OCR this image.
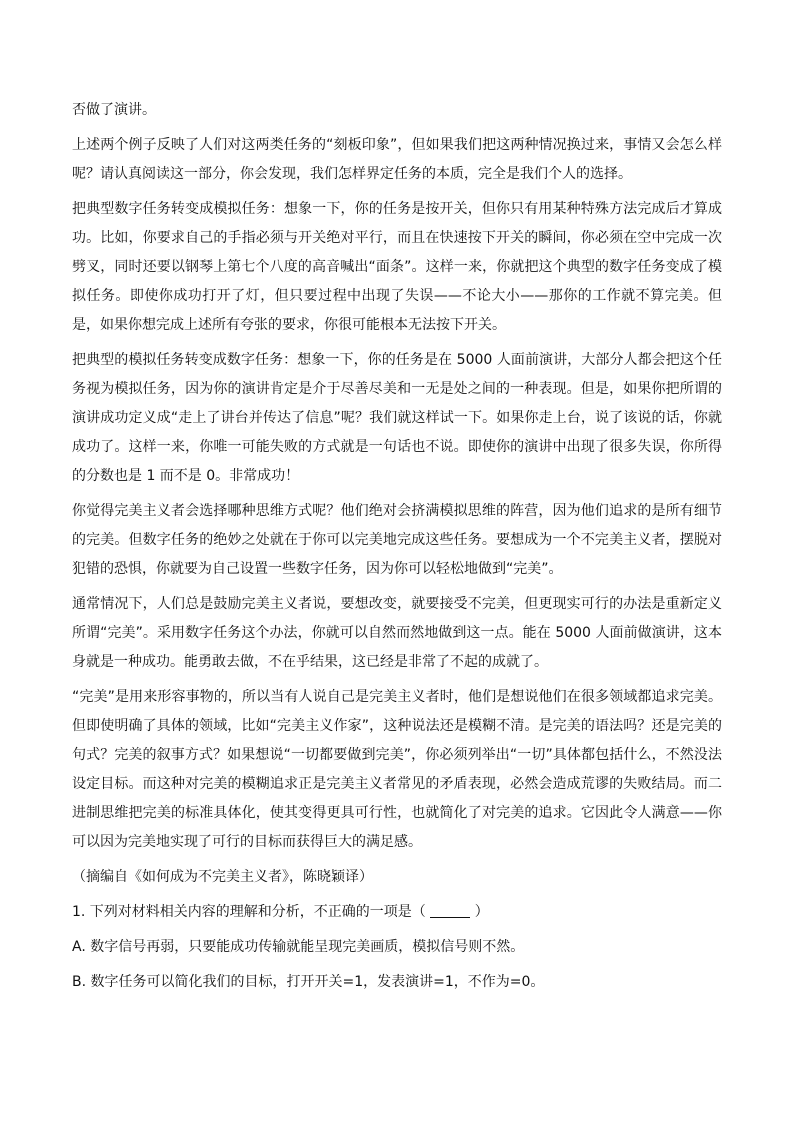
否做了演讲。

上述两个例子反映了人们对这两类任务的“刻板印象”，但如果我们把这两种情况换过来，事情又会怎么样呢？请认真阅读这一部分，你会发现，我们怎样界定任务的本质，完全是我们个人的选择。

把典型数字任务转变成模拟任务：想象一下，你的任务是按开关，但你只有用某种特殊方法完成后才算成功。比如，你要求自己的手指必须与开关绝对平行，而且在快速按下开关的瞬间，你必须在空中完成一次劈叉，同时还要以钢琴上第七个八度的高音喊出“面条”。这样一来，你就把这个典型的数字任务变成了模拟任务。即使你成功打开了灯，但只要过程中出现了失误——不论大小——那你的工作就不算完美。但是，如果你想完成上述所有夸张的要求，你很可能根本无法按下开关。

把典型的模拟任务转变成数字任务：想象一下，你的任务是在 5000 人面前演讲，大部分人都会把这个任务视为模拟任务，因为你的演讲肯定是介于尽善尽美和一无是处之间的一种表现。但是，如果你把所谓的演讲成功定义成“走上了讲台并传达了信息”呢？我们就这样试一下。如果你走上台，说了该说的话，你就成功了。这样一来，你唯一可能失败的方式就是一句话也不说。即使你的演讲中出现了很多失误，你所得的分数也是 1 而不是 0。非常成功！

你觉得完美主义者会选择哪种思维方式呢？他们绝对会挤满模拟思维的阵营，因为他们追求的是所有细节的完美。但数字任务的绝妙之处就在于你可以完美地完成这些任务。要想成为一个不完美主义者，摆脱对犯错的恐惧，你就要为自己设置一些数字任务，因为你可以轻松地做到“完美”。

通常情况下，人们总是鼓励完美主义者说，要想改变，就要接受不完美，但更现实可行的办法是重新定义所谓“完美”。采用数字任务这个办法，你就可以自然而然地做到这一点。能在 5000 人面前做演讲，这本身就是一种成功。能勇敢去做，不在乎结果，这已经是非常了不起的成就了。

“完美”是用来形容事物的，所以当有人说自己是完美主义者时，他们是想说他们在很多领域都追求完美。但即使明确了具体的领域，比如“完美主义作家”，这种说法还是模糊不清。是完美的语法吗？还是完美的句式？完美的叙事方式？如果想说“一切都要做到完美”，你必须列举出“一切”具体都包括什么，不然没法设定目标。而这种对完美的模糊追求正是完美主义者常见的矛盾表现，必然会造成荒谬的失败结局。而二进制思维把完美的标准具体化，使其变得更具可行性，也就简化了对完美的追求。它因此令人满意——你可以因为完美地实现了可行的目标而获得巨大的满足感。

（摘编自《如何成为不完美主义者》，陈晓颖译）

1. 下列对材料相关内容的理解和分析，不正确的一项是（	）

A. 数字信号再弱，只要能成功传输就能呈现完美画质，模拟信号则不然。

B. 数字任务可以简化我们的目标，打开开关=1，发表演讲=1，不作为=0。
